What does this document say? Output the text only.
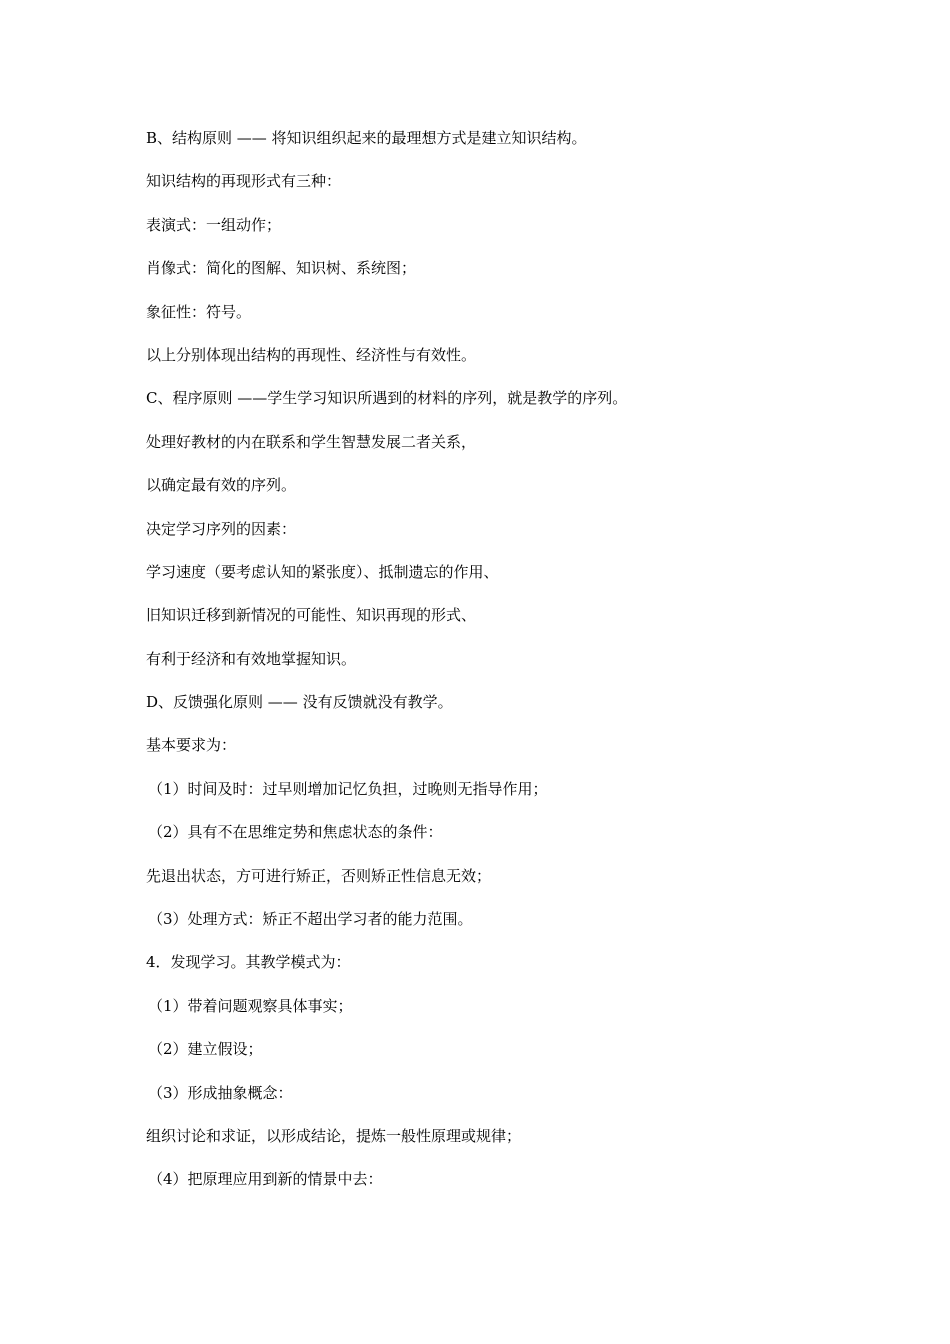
B、结构原则 —— 将知识组织起来的最理想方式是建立知识结构。
知识结构的再现形式有三种：
表演式：一组动作；
肖像式：简化的图解、知识树、系统图；
象征性：符号。
以上分别体现出结构的再现性、经济性与有效性。
C、程序原则 ——学生学习知识所遇到的材料的序列，就是教学的序列。
处理好教材的内在联系和学生智慧发展二者关系，
以确定最有效的序列。
决定学习序列的因素：
学习速度（要考虑认知的紧张度）、抵制遗忘的作用、
旧知识迁移到新情况的可能性、知识再现的形式、
有利于经济和有效地掌握知识。
D、反馈强化原则 —— 没有反馈就没有教学。
基本要求为：
（1）时间及时：过早则增加记忆负担，过晚则无指导作用；
（2）具有不在思维定势和焦虑状态的条件：
先退出状态，方可进行矫正，否则矫正性信息无效；
（3）处理方式：矫正不超出学习者的能力范围。
4．发现学习。其教学模式为：
（1）带着问题观察具体事实；
（2）建立假设；
（3）形成抽象概念：
组织讨论和求证，以形成结论，提炼一般性原理或规律；
（4）把原理应用到新的情景中去：
